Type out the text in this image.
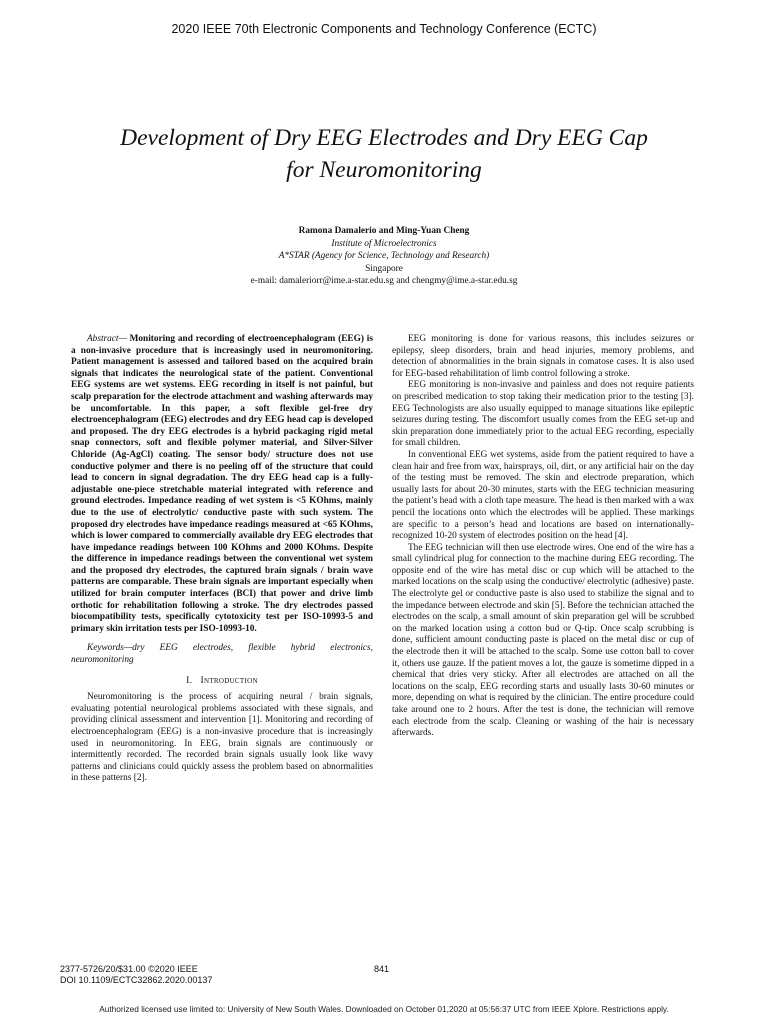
2020 IEEE 70th Electronic Components and Technology Conference (ECTC)
Development of Dry EEG Electrodes and Dry EEG Cap
for Neuromonitoring
Ramona Damalerio and Ming-Yuan Cheng
Institute of Microelectronics
A*STAR (Agency for Science, Technology and Research)
Singapore
e-mail: damaleriorr@ime.a-star.edu.sg and chengmy@ime.a-star.edu.sg

Abstract— Monitoring and recording of electroencephalogram (EEG) is a non-invasive procedure that is increasingly used in neuromonitoring. Patient management is assessed and tailored based on the acquired brain signals that indicates the neurological state of the patient. Conventional EEG systems are wet systems. EEG recording in itself is not painful, but scalp preparation for the electrode attachment and washing afterwards may be uncomfortable. In this paper, a soft flexible gel-free dry electroencephalogram (EEG) electrodes and dry EEG head cap is developed and proposed. The dry EEG electrodes is a hybrid packaging rigid metal snap connectors, soft and flexible polymer material, and Silver-Silver Chloride (Ag-AgCl) coating. The sensor body/ structure does not use conductive polymer and there is no peeling off of the structure that could lead to concern in signal degradation. The dry EEG head cap is a fully-adjustable one-piece stretchable material integrated with reference and ground electrodes. Impedance reading of wet system is <5 KOhms, mainly due to the use of electrolytic/ conductive paste with such system. The proposed dry electrodes have impedance readings measured at <65 KOhms, which is lower compared to commercially available dry EEG electrodes that have impedance readings between 100 KOhms and 2000 KOhms. Despite the difference in impedance readings between the conventional wet system and the proposed dry electrodes, the captured brain signals / brain wave patterns are comparable. These brain signals are important especially when utilized for brain computer interfaces (BCI) that power and drive limb orthotic for rehabilitation following a stroke. The dry electrodes passed biocompatibility tests, specifically cytotoxicity test per ISO-10993-5 and primary skin irritation tests per ISO-10993-10.

Keywords—dry EEG electrodes, flexible hybrid electronics, neuromonitoring

I. Introduction

Neuromonitoring is the process of acquiring neural / brain signals, evaluating potential neurological problems associated with these signals, and providing clinical assessment and intervention [1]. Monitoring and recording of electroencephalogram (EEG) is a non-invasive procedure that is increasingly used in neuromonitoring. In EEG, brain signals are continuously or intermittently recorded. The recorded brain signals usually look like wavy patterns and clinicians could quickly assess the problem based on abnormalities in these patterns [2].

EEG monitoring is done for various reasons, this includes seizures or epilepsy, sleep disorders, brain and head injuries, memory problems, and detection of abnormalities in the brain signals in comatose cases. It is also used for EEG-based rehabilitation of limb control following a stroke.

EEG monitoring is non-invasive and painless and does not require patients on prescribed medication to stop taking their medication prior to the testing [3]. EEG Technologists are also usually equipped to manage situations like epileptic seizures during testing. The discomfort usually comes from the EEG set-up and skin preparation done immediately prior to the actual EEG recording, especially for small children.

In conventional EEG wet systems, aside from the patient required to have a clean hair and free from wax, hairsprays, oil, dirt, or any artificial hair on the day of the testing must be removed. The skin and electrode preparation, which usually lasts for about 20-30 minutes, starts with the EEG technician measuring the patient’s head with a cloth tape measure. The head is then marked with a wax pencil the locations onto which the electrodes will be applied. These markings are specific to a person’s head and locations are based on internationally-recognized 10-20 system of electrodes position on the head [4].

The EEG technician will then use electrode wires. One end of the wire has a small cylindrical plug for connection to the machine during EEG recording. The opposite end of the wire has metal disc or cup which will be attached to the marked locations on the scalp using the conductive/ electrolytic (adhesive) paste. The electrolyte gel or conductive paste is also used to stabilize the signal and to the impedance between electrode and skin [5]. Before the technician attached the electrodes on the scalp, a small amount of skin preparation gel will be scrubbed on the marked location using a cotton bud or Q-tip. Once scalp scrubbing is done, sufficient amount conducting paste is placed on the metal disc or cup of the electrode then it will be attached to the scalp. Some use cotton ball to cover it, others use gauze. If the patient moves a lot, the gauze is sometime dipped in a chemical that dries very sticky. After all electrodes are attached on all the locations on the scalp, EEG recording starts and usually lasts 30-60 minutes or more, depending on what is required by the clinician. The entire procedure could take around one to 2 hours. After the test is done, the technician will remove each electrode from the scalp. Cleaning or washing of the hair is necessary afterwards.

2377-5726/20/$31.00 ©2020 IEEE
DOI 10.1109/ECTC32862.2020.00137
841
Authorized licensed use limited to: University of New South Wales. Downloaded on October 01,2020 at 05:56:37 UTC from IEEE Xplore. Restrictions apply.
